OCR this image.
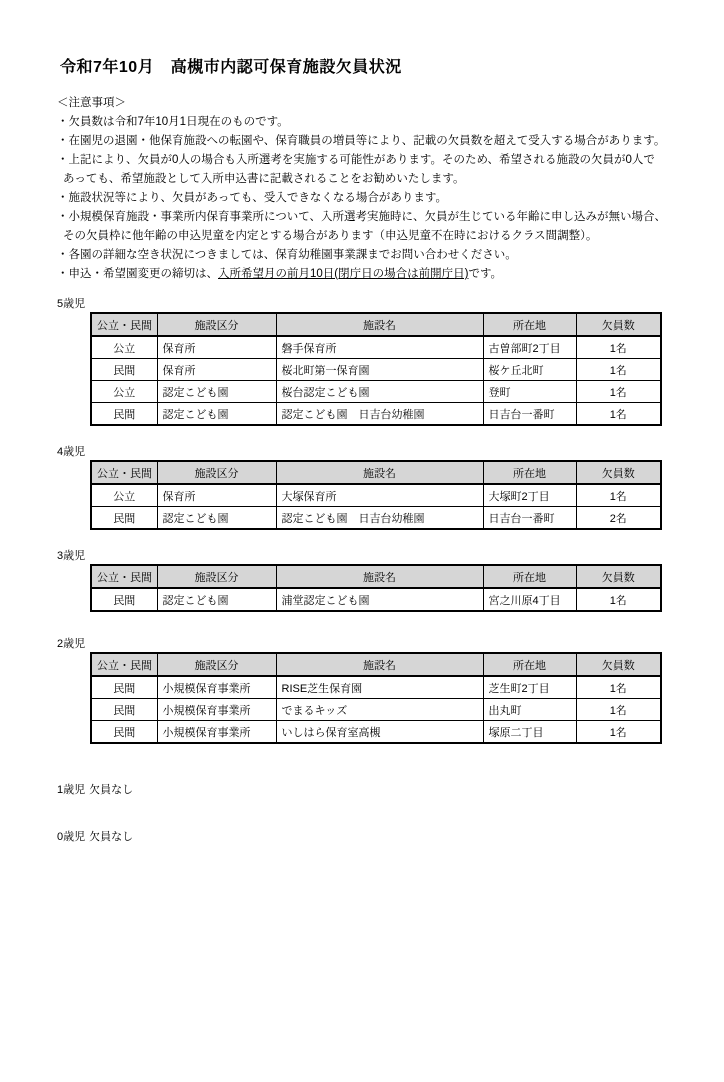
令和7年10月　高槻市内認可保育施設欠員状況
＜注意事項＞
・欠員数は令和7年10月1日現在のものです。
・在園児の退園・他保育施設への転園や、保育職員の増員等により、記載の欠員数を超えて受入する場合があります。
・上記により、欠員が0人の場合も入所選考を実施する可能性があります。そのため、希望される施設の欠員が0人で
あっても、希望施設として入所申込書に記載されることをお勧めいたします。
・施設状況等により、欠員があっても、受入できなくなる場合があります。
・小規模保育施設・事業所内保育事業所について、入所選考実施時に、欠員が生じている年齢に申し込みが無い場合、
その欠員枠に他年齢の申込児童を内定とする場合があります（申込児童不在時におけるクラス間調整）。
・各園の詳細な空き状況につきましては、保育幼稚園事業課までお問い合わせください。
・申込・希望園変更の締切は、入所希望月の前月10日(閉庁日の場合は前開庁日)です。
5歳児
公立・民間	施設区分	施設名	所在地	欠員数
公立	保育所	磐手保育所	古曽部町2丁目	1名
民間	保育所	桜北町第一保育園	桜ケ丘北町	1名
公立	認定こども園	桜台認定こども園	登町	1名
民間	認定こども園	認定こども園　日吉台幼稚園	日吉台一番町	1名
4歳児
公立・民間	施設区分	施設名	所在地	欠員数
公立	保育所	大塚保育所	大塚町2丁目	1名
民間	認定こども園	認定こども園　日吉台幼稚園	日吉台一番町	2名
3歳児
公立・民間	施設区分	施設名	所在地	欠員数
民間	認定こども園	浦堂認定こども園	宮之川原4丁目	1名
2歳児
公立・民間	施設区分	施設名	所在地	欠員数
民間	小規模保育事業所	RISE芝生保育園	芝生町2丁目	1名
民間	小規模保育事業所	でまるキッズ	出丸町	1名
民間	小規模保育事業所	いしはら保育室高槻	塚原二丁目	1名
1歳児 欠員なし
0歳児 欠員なし
